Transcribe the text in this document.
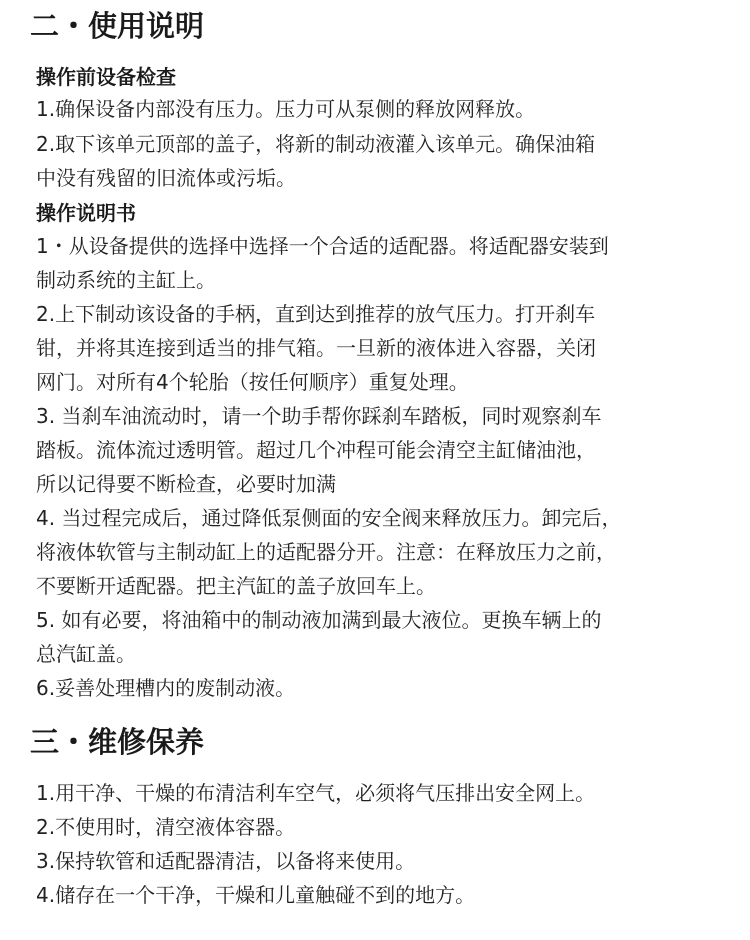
二・使用说明
操作前设备检查
1.确保设备内部没有压力。压力可从泵侧的释放网释放。
2.取下该单元顶部的盖子，将新的制动液灌入该单元。确保油箱
中没有残留的旧流体或污垢。
操作说明书
1・从设备提供的选择中选择一个合适的适配器。将适配器安装到
制动系统的主缸上。
2.上下制动该设备的手柄，直到达到推荐的放气压力。打开刹车
钳，并将其连接到适当的排气箱。一旦新的液体进入容器，关闭
网门。对所有4个轮胎（按任何顺序）重复处理。
3. 当刹车油流动时，请一个助手帮你踩刹车踏板，同时观察刹车
踏板。流体流过透明管。超过几个冲程可能会清空主缸储油池，
所以记得要不断检查，必要时加满
4. 当过程完成后，通过降低泵侧面的安全阀来释放压力。卸完后，
将液体软管与主制动缸上的适配器分开。注意：在释放压力之前，
不要断开适配器。把主汽缸的盖子放回车上。
5. 如有必要，将油箱中的制动液加满到最大液位。更换车辆上的
总汽缸盖。
6.妥善处理槽内的废制动液。
三・维修保养
1.用干净、干燥的布清洁利车空气，必须将气压排出安全网上。
2.不使用时，清空液体容器。
3.保持软管和适配器清洁，以备将来使用。
4.储存在一个干净，干燥和儿童触碰不到的地方。
